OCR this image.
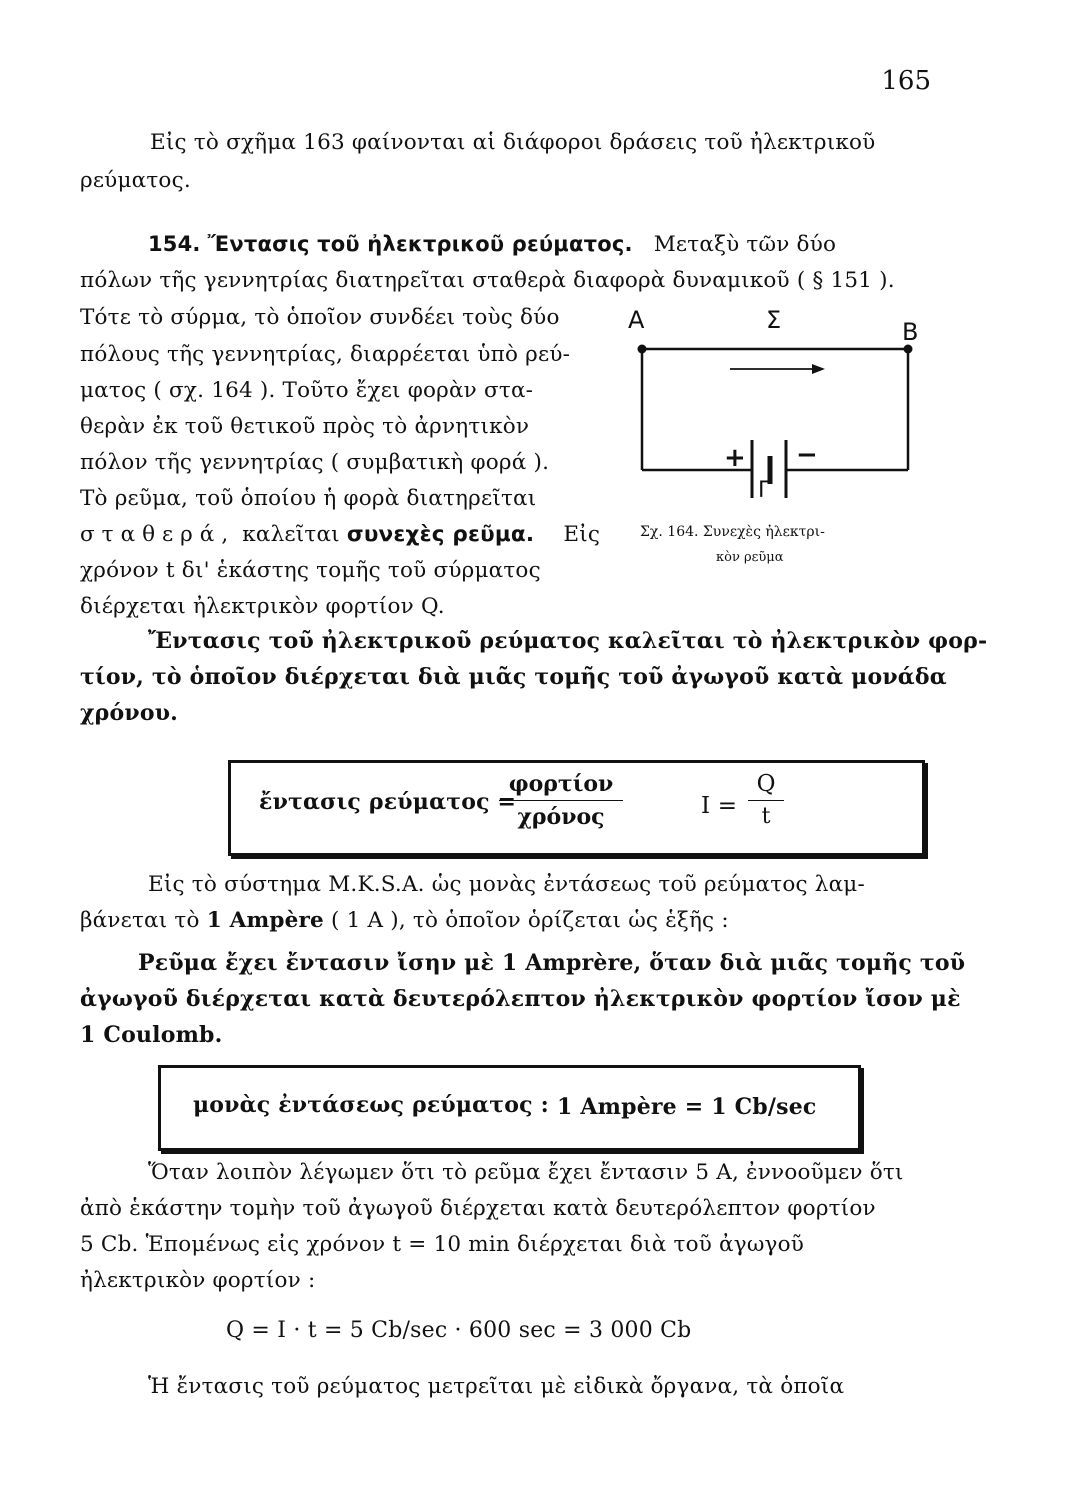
165
Εἰς τὸ σχῆμα 163 φαίνονται αἱ διάφοροι δράσεις τοῦ ἠλεκτρικοῦ
ρεύματος.
154. Ἔντασις τοῦ ἠλεκτρικοῦ ρεύματος. Μεταξὺ τῶν δύο
πόλων τῆς γεννητρίας διατηρεῖται σταθερὰ διαφορὰ δυναμικοῦ ( § 151 ).
Τότε τὸ σύρμα, τὸ ὁποῖον συνδέει τοὺς δύο
πόλους τῆς γεννητρίας, διαρρέεται ὑπὸ ρεύ-
ματος ( σχ. 164 ). Τοῦτο ἔχει φορὰν στα-
θερὰν ἐκ τοῦ θετικοῦ πρὸς τὸ ἀρνητικὸν
πόλον τῆς γεννητρίας ( συμβατικὴ φορά ).
Τὸ ρεῦμα, τοῦ ὁποίου ἡ φορὰ διατηρεῖται
σταθερά, καλεῖται συνεχὲς ρεῦμα. Εἰς
χρόνον t δι' ἑκάστης τομῆς τοῦ σύρματος
διέρχεται ἠλεκτρικὸν φορτίον Q.
A	Σ	B
+ −
Γ
Σχ. 164. Συνεχὲς ἠλεκτρι-
κὸν ρεῦμα
Ἔντασις τοῦ ἠλεκτρικοῦ ρεύματος καλεῖται τὸ ἠλεκτρικὸν φορ-
τίον, τὸ ὁποῖον διέρχεται διὰ μιᾶς τομῆς τοῦ ἀγωγοῦ κατὰ μονάδα
χρόνου.
ἔντασις ρεύματος =
φορτίον
χρόνος	I =
Q
t
Εἰς τὸ σύστημα M.K.S.A. ὡς μονὰς ἐντάσεως τοῦ ρεύματος λαμ-
βάνεται τὸ 1 Ampère ( 1 A ), τὸ ὁποῖον ὁρίζεται ὡς ἑξῆς :
Ρεῦμα ἔχει ἔντασιν ἴσην μὲ 1 Amprère, ὅταν διὰ μιᾶς τομῆς τοῦ
ἀγωγοῦ διέρχεται κατὰ δευτερόλεπτον ἠλεκτρικὸν φορτίον ἴσον μὲ
1 Coulomb.
μονὰς ἐντάσεως ρεύματος : 1 Ampère = 1 Cb/sec
Ὅταν λοιπὸν λέγωμεν ὅτι τὸ ρεῦμα ἔχει ἔντασιν 5 A, ἐννοοῦμεν ὅτι
ἀπὸ ἑκάστην τομὴν τοῦ ἀγωγοῦ διέρχεται κατὰ δευτερόλεπτον φορτίον
5 Cb. Ἑπομένως εἰς χρόνον t = 10 min διέρχεται διὰ τοῦ ἀγωγοῦ
ἠλεκτρικὸν φορτίον :
Q = I · t = 5 Cb/sec · 600 sec = 3 000 Cb
Ἡ ἔντασις τοῦ ρεύματος μετρεῖται μὲ εἰδικὰ ὄργανα, τὰ ὁποῖα
